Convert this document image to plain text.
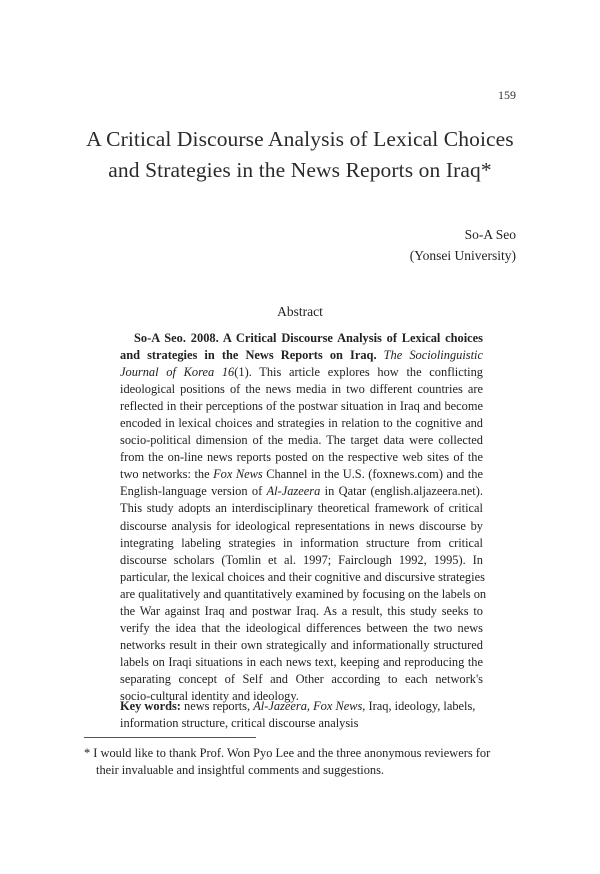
159
A Critical Discourse Analysis of Lexical Choices
and Strategies in the News Reports on Iraq*
So-A Seo
(Yonsei University)
Abstract
So-A Seo. 2008. A Critical Discourse Analysis of Lexical choices
and strategies in the News Reports on Iraq. The Sociolinguistic
Journal of Korea 16(1). This article explores how the conflicting
ideological positions of the news media in two different countries are
reflected in their perceptions of the postwar situation in Iraq and become
encoded in lexical choices and strategies in relation to the cognitive and
socio-political dimension of the media. The target data were collected
from the on-line news reports posted on the respective web sites of the
two networks: the Fox News Channel in the U.S. (foxnews.com) and the
English-language version of Al-Jazeera in Qatar (english.aljazeera.net).
This study adopts an interdisciplinary theoretical framework of critical
discourse analysis for ideological representations in news discourse by
integrating labeling strategies in information structure from critical
discourse scholars (Tomlin et al. 1997; Fairclough 1992, 1995). In
particular, the lexical choices and their cognitive and discursive strategies
are qualitatively and quantitatively examined by focusing on the labels on
the War against Iraq and postwar Iraq. As a result, this study seeks to
verify the idea that the ideological differences between the two news
networks result in their own strategically and informationally structured
labels on Iraqi situations in each news text, keeping and reproducing the
separating concept of Self and Other according to each network's
socio-cultural identity and ideology.
Key words: news reports, Al-Jazeera, Fox News, Iraq, ideology, labels,
information structure, critical discourse analysis
* I would like to thank Prof. Won Pyo Lee and the three anonymous reviewers for
their invaluable and insightful comments and suggestions.
